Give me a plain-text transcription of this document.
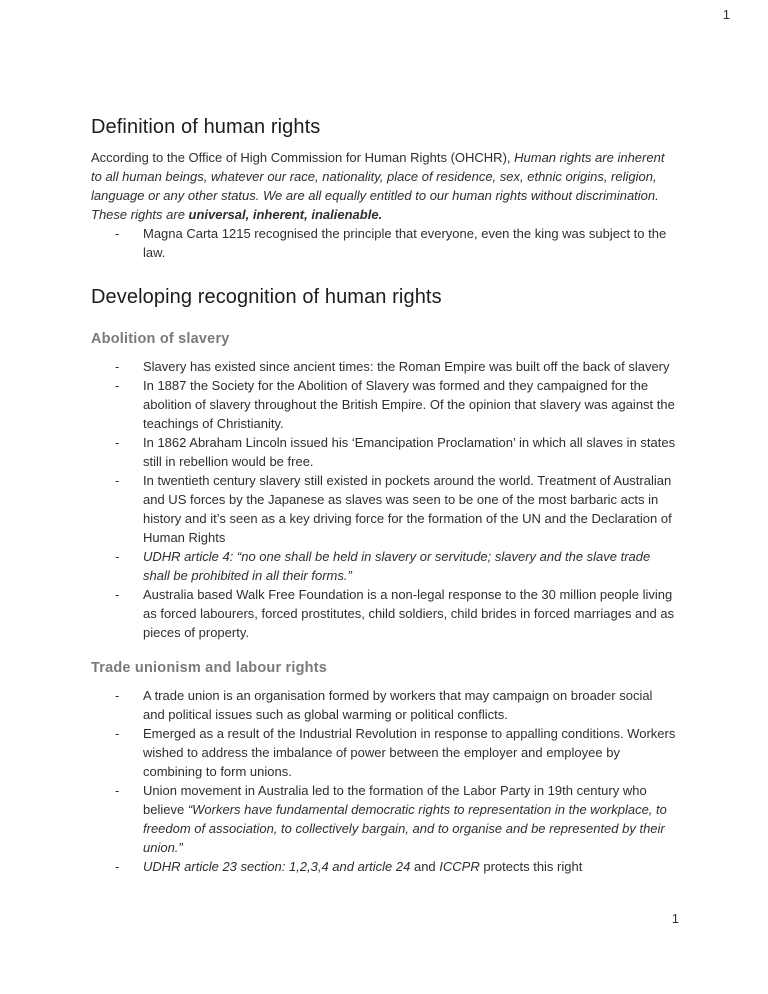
1
Definition of human rights

According to the Office of High Commission for Human Rights (OHCHR), Human rights are inherent to all human beings, whatever our race, nationality, place of residence, sex, ethnic origins, religion, language or any other status. We are all equally entitled to our human rights without discrimination. These rights are universal, inherent, inalienable.

- Magna Carta 1215 recognised the principle that everyone, even the king was subject to the law.
Developing recognition of human rights
Abolition of slavery
- Slavery has existed since ancient times: the Roman Empire was built off the back of slavery
- In 1887 the Society for the Abolition of Slavery was formed and they campaigned for the abolition of slavery throughout the British Empire. Of the opinion that slavery was against the teachings of Christianity.
- In 1862 Abraham Lincoln issued his ‘Emancipation Proclamation’ in which all slaves in states still in rebellion would be free.
- In twentieth century slavery still existed in pockets around the world. Treatment of Australian and US forces by the Japanese as slaves was seen to be one of the most barbaric acts in history and it’s seen as a key driving force for the formation of the UN and the Declaration of Human Rights
- UDHR article 4: “no one shall be held in slavery or servitude; slavery and the slave trade shall be prohibited in all their forms.”
- Australia based Walk Free Foundation is a non-legal response to the 30 million people living as forced labourers, forced prostitutes, child soldiers, child brides in forced marriages and as pieces of property.
Trade unionism and labour rights
- A trade union is an organisation formed by workers that may campaign on broader social and political issues such as global warming or political conflicts.
- Emerged as a result of the Industrial Revolution in response to appalling conditions. Workers wished to address the imbalance of power between the employer and employee by combining to form unions.
- Union movement in Australia led to the formation of the Labor Party in 19th century who believe “Workers have fundamental democratic rights to representation in the workplace, to freedom of association, to collectively bargain, and to organise and be represented by their union.”
- UDHR article 23 section: 1,2,3,4 and article 24 and ICCPR protects this right
1
